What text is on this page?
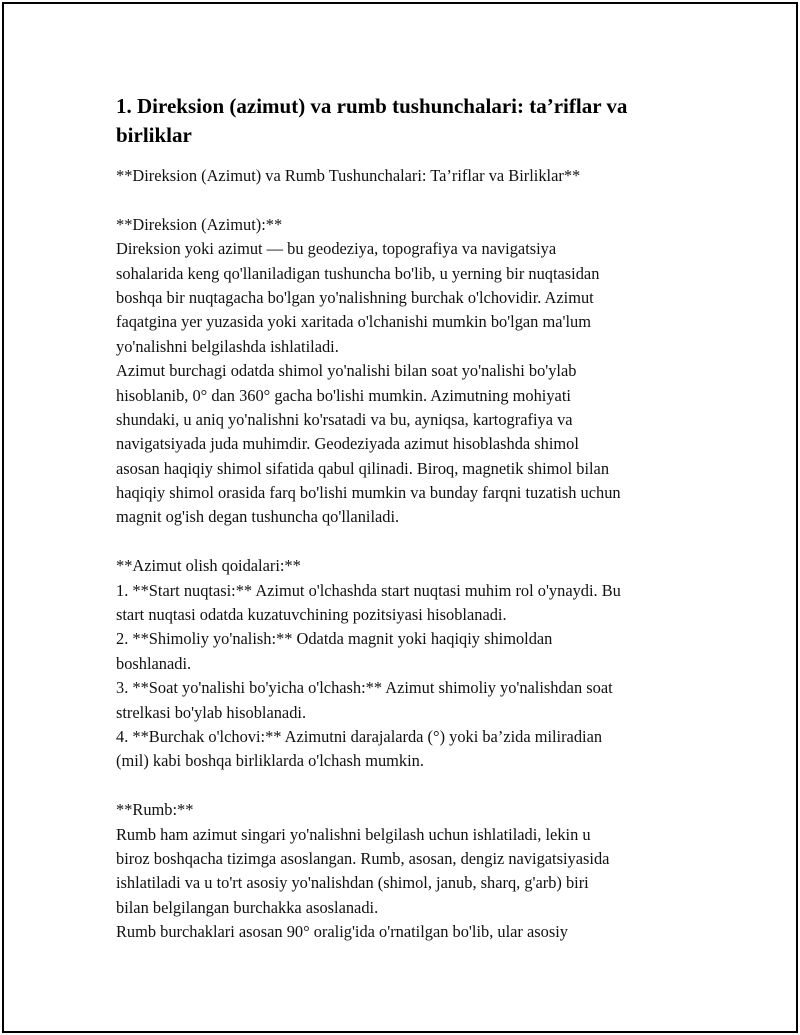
1. Direksion (azimut) va rumb tushunchalari: ta’riflar va
birliklar
**Direksion (Azimut) va Rumb Tushunchalari: Ta’riflar va Birliklar**
**Direksion (Azimut):**
Direksion yoki azimut — bu geodeziya, topografiya va navigatsiya
sohalarida keng qo'llaniladigan tushuncha bo'lib, u yerning bir nuqtasidan
boshqa bir nuqtagacha bo'lgan yo'nalishning burchak o'lchovidir. Azimut
faqatgina yer yuzasida yoki xaritada o'lchanishi mumkin bo'lgan ma'lum
yo'nalishni belgilashda ishlatiladi.
Azimut burchagi odatda shimol yo'nalishi bilan soat yo'nalishi bo'ylab
hisoblanib, 0° dan 360° gacha bo'lishi mumkin. Azimutning mohiyati
shundaki, u aniq yo'nalishni ko'rsatadi va bu, ayniqsa, kartografiya va
navigatsiyada juda muhimdir. Geodeziyada azimut hisoblashda shimol
asosan haqiqiy shimol sifatida qabul qilinadi. Biroq, magnetik shimol bilan
haqiqiy shimol orasida farq bo'lishi mumkin va bunday farqni tuzatish uchun
magnit og'ish degan tushuncha qo'llaniladi.
**Azimut olish qoidalari:**
1. **Start nuqtasi:** Azimut o'lchashda start nuqtasi muhim rol o'ynaydi. Bu
start nuqtasi odatda kuzatuvchining pozitsiyasi hisoblanadi.
2. **Shimoliy yo'nalish:** Odatda magnit yoki haqiqiy shimoldan
boshlanadi.
3. **Soat yo'nalishi bo'yicha o'lchash:** Azimut shimoliy yo'nalishdan soat
strelkasi bo'ylab hisoblanadi.
4. **Burchak o'lchovi:** Azimutni darajalarda (°) yoki ba’zida miliradian
(mil) kabi boshqa birliklarda o'lchash mumkin.
**Rumb:**
Rumb ham azimut singari yo'nalishni belgilash uchun ishlatiladi, lekin u
biroz boshqacha tizimga asoslangan. Rumb, asosan, dengiz navigatsiyasida
ishlatiladi va u to'rt asosiy yo'nalishdan (shimol, janub, sharq, g'arb) biri
bilan belgilangan burchakka asoslanadi.
Rumb burchaklari asosan 90° oralig'ida o'rnatilgan bo'lib, ular asosiy
